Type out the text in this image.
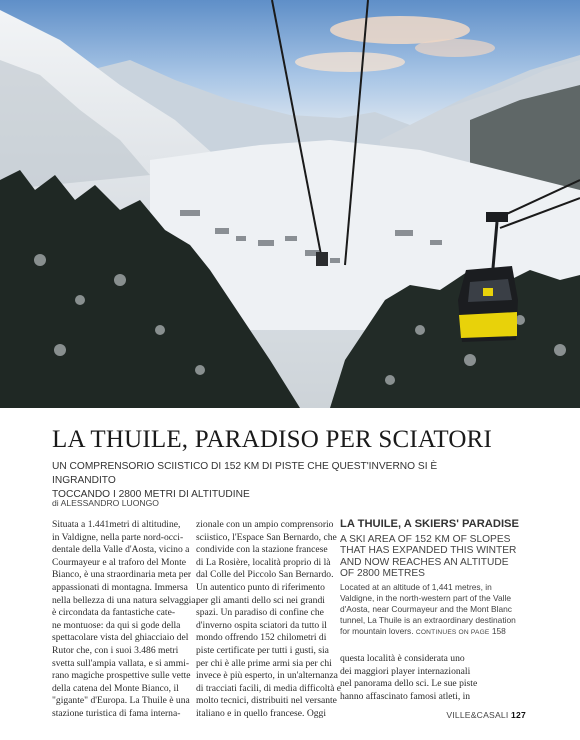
LA THUILE, PARADISO PER SCIATORI
UN COMPRENSORIO SCIISTICO DI 152 KM DI PISTE CHE QUEST'INVERNO SI È INGRANDITO
TOCCANDO I 2800 METRI DI ALTITUDINE

di ALESSANDRO LUONGO

Situata a 1.441metri di altitudine,

in Valdigne, nella parte nord-occi-

dentale della Valle d'Aosta, vicino a

Courmayeur e al traforo del Monte

Bianco, è una straordinaria meta per

appassionati di montagna. Immersa

nella bellezza di una natura selvaggia,

è circondata da fantastiche cate-

ne montuose: da qui si gode della

spettacolare vista del ghiacciaio del

Rutor che, con i suoi 3.486 metri

svetta sull'ampia vallata, e si ammi-

rano magiche prospettive sulle vette

della catena del Monte Bianco, il

"gigante" d'Europa. La Thuile è una

stazione turistica di fama interna-

zionale con un ampio comprensorio

sciistico, l'Espace San Bernardo, che

condivide con la stazione francese

di La Rosière, località proprio di là

dal Colle del Piccolo San Bernardo.

Un autentico punto di riferimento

per gli amanti dello sci nei grandi

spazi. Un paradiso di confine che

d'inverno ospita sciatori da tutto il

mondo offrendo 152 chilometri di

piste certificate per tutti i gusti, sia

per chi è alle prime armi sia per chi

invece è più esperto, in un'alternanza

di tracciati facili, di media difficoltà e

molto tecnici, distribuiti nel versante

italiano e in quello francese. Oggi

LA THUILE, A SKIERS' PARADISE

A SKI AREA OF 152 KM OF SLOPES
THAT HAS EXPANDED THIS WINTER
AND NOW REACHES AN ALTITUDE
OF 2800 METRES

Located at an altitude of 1,441 metres, in
Valdigne, in the north-western part of the Valle
d'Aosta, near Courmayeur and the Mont Blanc
tunnel, La Thuile is an extraordinary destination
for mountain lovers. CONTINUES ON PAGE 158

questa località è considerata uno

dei maggiori player internazionali

nel panorama dello sci. Le sue piste

hanno affascinato famosi atleti, in

VILLE&CASALI 127
